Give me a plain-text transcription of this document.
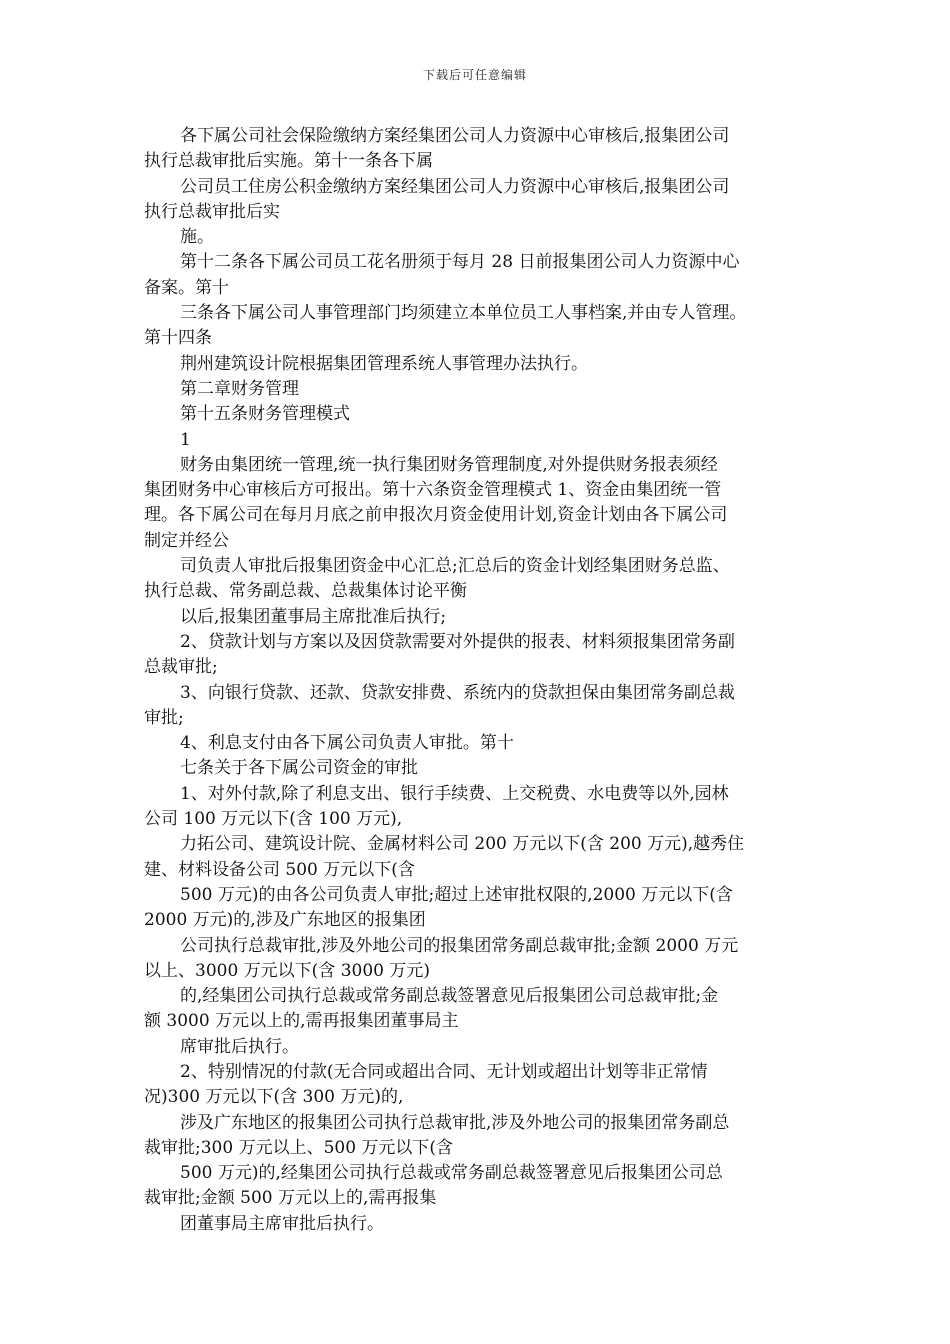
下载后可任意编辑
各下属公司社会保险缴纳方案经集团公司人力资源中心审核后,报集团公司
执行总裁审批后实施。第十一条各下属
公司员工住房公积金缴纳方案经集团公司人力资源中心审核后,报集团公司
执行总裁审批后实
施。
第十二条各下属公司员工花名册须于每月 28 日前报集团公司人力资源中心
备案。第十
三条各下属公司人事管理部门均须建立本单位员工人事档案,并由专人管理。
第十四条
荆州建筑设计院根据集团管理系统人事管理办法执行。
第二章财务管理
第十五条财务管理模式
1
财务由集团统一管理,统一执行集团财务管理制度,对外提供财务报表须经
集团财务中心审核后方可报出。第十六条资金管理模式 1、资金由集团统一管
理。各下属公司在每月月底之前申报次月资金使用计划,资金计划由各下属公司
制定并经公
司负责人审批后报集团资金中心汇总;汇总后的资金计划经集团财务总监、
执行总裁、常务副总裁、总裁集体讨论平衡
以后,报集团董事局主席批准后执行;
2、贷款计划与方案以及因贷款需要对外提供的报表、材料须报集团常务副
总裁审批;
3、向银行贷款、还款、贷款安排费、系统内的贷款担保由集团常务副总裁
审批;
4、利息支付由各下属公司负责人审批。第十
七条关于各下属公司资金的审批
1、对外付款,除了利息支出、银行手续费、上交税费、水电费等以外,园林
公司 100 万元以下(含 100 万元),
力拓公司、建筑设计院、金属材料公司 200 万元以下(含 200 万元),越秀住
建、材料设备公司 500 万元以下(含
500 万元)的由各公司负责人审批;超过上述审批权限的,2000 万元以下(含
2000 万元)的,涉及广东地区的报集团
公司执行总裁审批,涉及外地公司的报集团常务副总裁审批;金额 2000 万元
以上、3000 万元以下(含 3000 万元)
的,经集团公司执行总裁或常务副总裁签署意见后报集团公司总裁审批;金
额 3000 万元以上的,需再报集团董事局主
席审批后执行。
2、特别情况的付款(无合同或超出合同、无计划或超出计划等非正常情
况)300 万元以下(含 300 万元)的,
涉及广东地区的报集团公司执行总裁审批,涉及外地公司的报集团常务副总
裁审批;300 万元以上、500 万元以下(含
500 万元)的,经集团公司执行总裁或常务副总裁签署意见后报集团公司总
裁审批;金额 500 万元以上的,需再报集
团董事局主席审批后执行。
